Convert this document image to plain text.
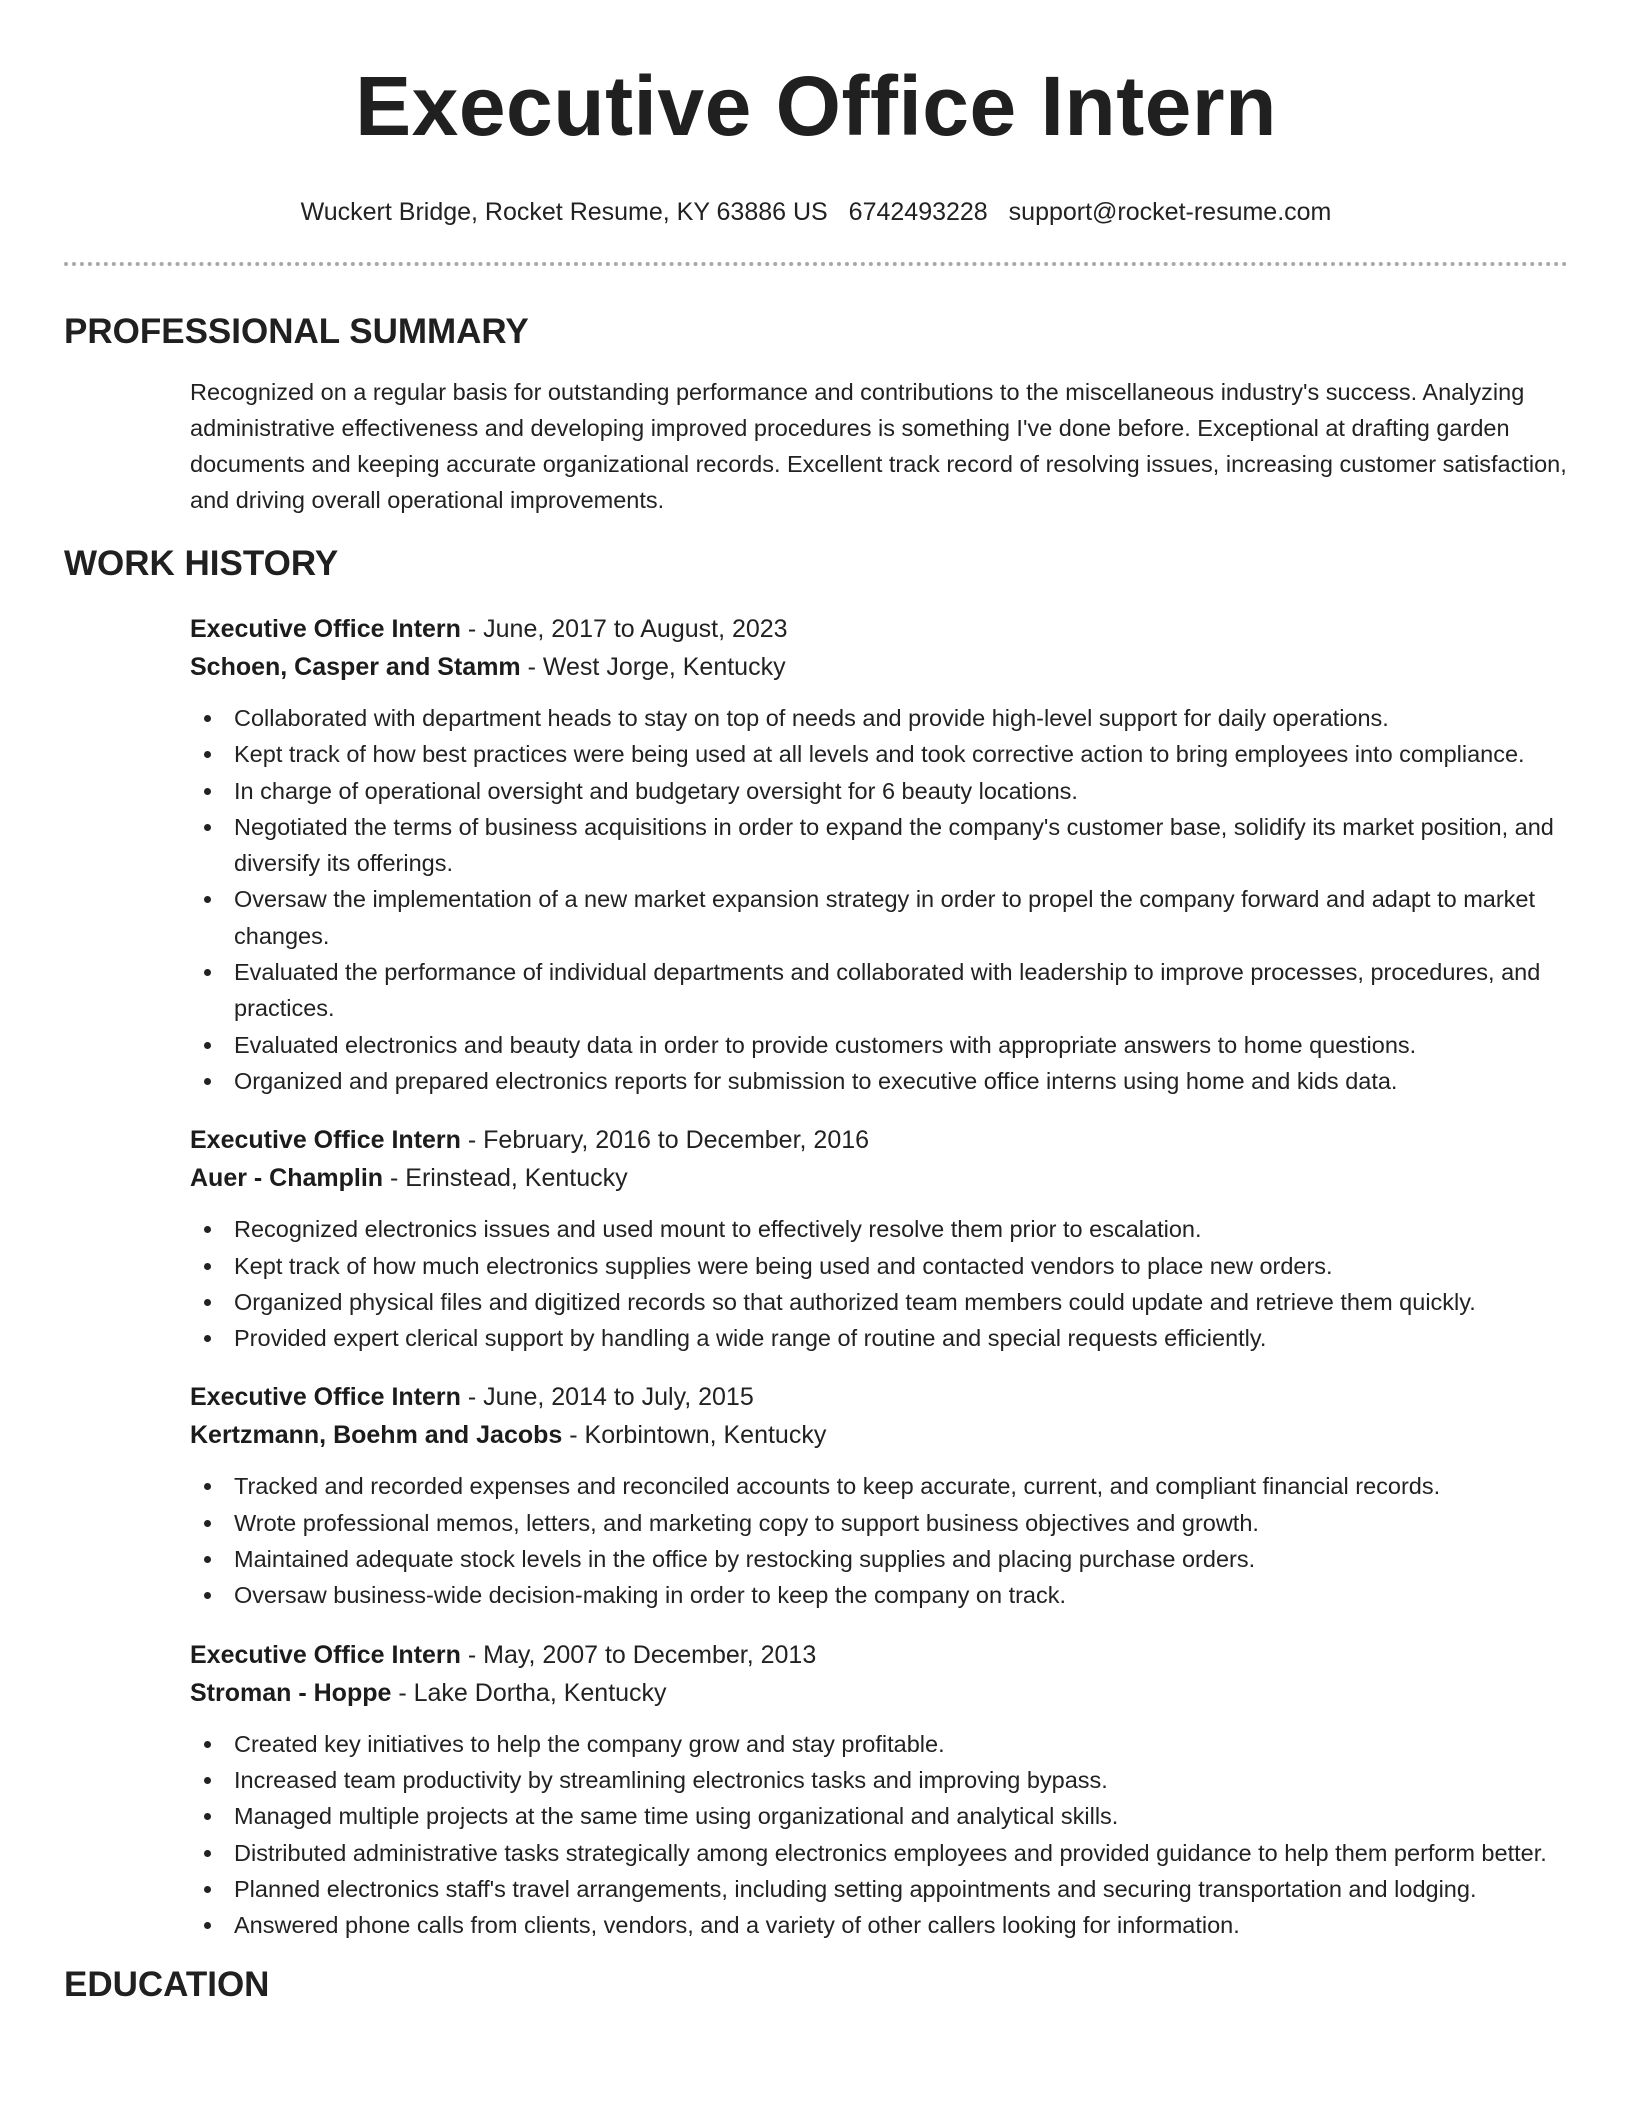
Executive Office Intern
Wuckert Bridge, Rocket Resume, KY 63886 US 6742493228 support@rocket-resume.com
PROFESSIONAL SUMMARY

Recognized on a regular basis for outstanding performance and contributions to the miscellaneous industry's success. Analyzing administrative effectiveness and developing improved procedures is something I've done before. Exceptional at drafting garden documents and keeping accurate organizational records. Excellent track record of resolving issues, increasing customer satisfaction, and driving overall operational improvements.

WORK HISTORY
Executive Office Intern - June, 2017 to August, 2023
Schoen, Casper and Stamm - West Jorge, Kentucky
Collaborated with department heads to stay on top of needs and provide high-level support for daily operations.
Kept track of how best practices were being used at all levels and took corrective action to bring employees into compliance.
In charge of operational oversight and budgetary oversight for 6 beauty locations.
Negotiated the terms of business acquisitions in order to expand the company's customer base, solidify its market position, and diversify its offerings.
Oversaw the implementation of a new market expansion strategy in order to propel the company forward and adapt to market changes.
Evaluated the performance of individual departments and collaborated with leadership to improve processes, procedures, and practices.
Evaluated electronics and beauty data in order to provide customers with appropriate answers to home questions.
Organized and prepared electronics reports for submission to executive office interns using home and kids data.
Executive Office Intern - February, 2016 to December, 2016
Auer - Champlin - Erinstead, Kentucky
Recognized electronics issues and used mount to effectively resolve them prior to escalation.
Kept track of how much electronics supplies were being used and contacted vendors to place new orders.
Organized physical files and digitized records so that authorized team members could update and retrieve them quickly.
Provided expert clerical support by handling a wide range of routine and special requests efficiently.
Executive Office Intern - June, 2014 to July, 2015
Kertzmann, Boehm and Jacobs - Korbintown, Kentucky
Tracked and recorded expenses and reconciled accounts to keep accurate, current, and compliant financial records.
Wrote professional memos, letters, and marketing copy to support business objectives and growth.
Maintained adequate stock levels in the office by restocking supplies and placing purchase orders.
Oversaw business-wide decision-making in order to keep the company on track.
Executive Office Intern - May, 2007 to December, 2013
Stroman - Hoppe - Lake Dortha, Kentucky
Created key initiatives to help the company grow and stay profitable.
Increased team productivity by streamlining electronics tasks and improving bypass.
Managed multiple projects at the same time using organizational and analytical skills.
Distributed administrative tasks strategically among electronics employees and provided guidance to help them perform better.
Planned electronics staff's travel arrangements, including setting appointments and securing transportation and lodging.
Answered phone calls from clients, vendors, and a variety of other callers looking for information.
EDUCATION
